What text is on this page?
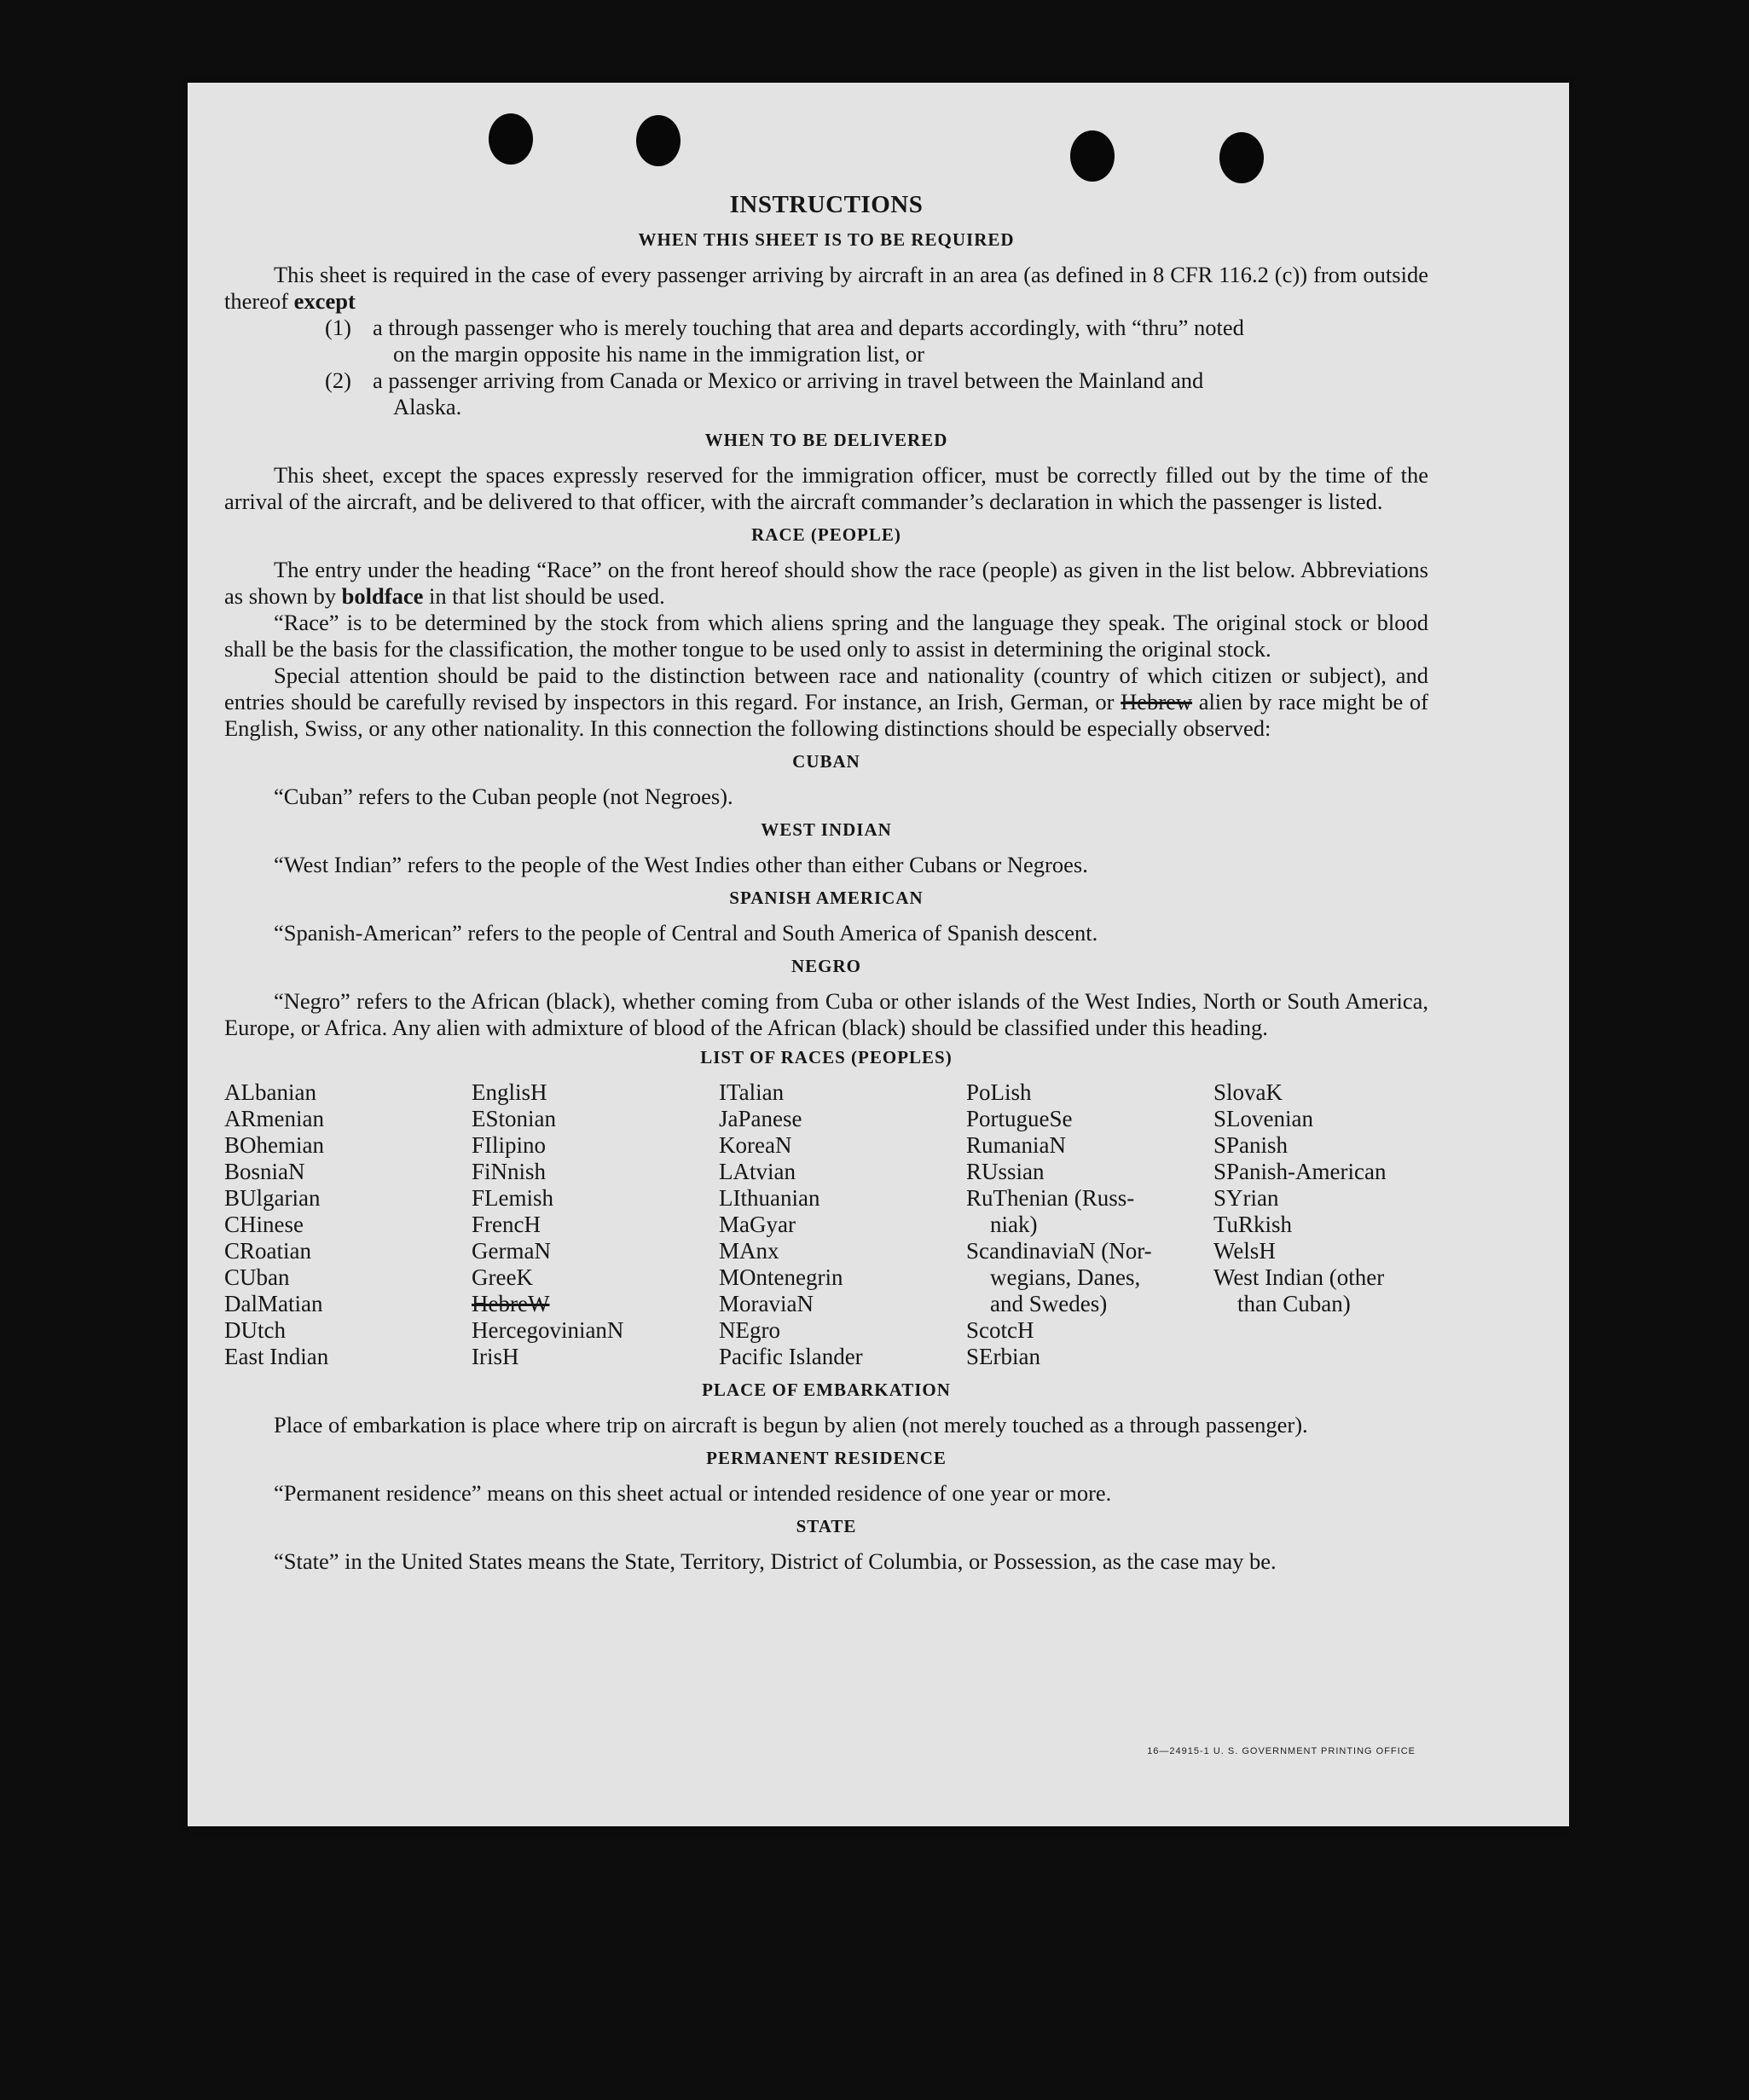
INSTRUCTIONS
WHEN THIS SHEET IS TO BE REQUIRED

This sheet is required in the case of every passenger arriving by aircraft in an area (as defined in 8 CFR 116.2 (c)) from outside thereof except

(1) a through passenger who is merely touching that area and departs accordingly, with “thru” noted
on the margin opposite his name in the immigration list, or
(2) a passenger arriving from Canada or Mexico or arriving in travel between the Mainland and
Alaska.
WHEN TO BE DELIVERED

This sheet, except the spaces expressly reserved for the immigration officer, must be correctly filled out by the time of the arrival of the aircraft, and be delivered to that officer, with the aircraft commander’s declaration in which the passenger is listed.

RACE (PEOPLE)

The entry under the heading “Race” on the front hereof should show the race (people) as given in the list below. Abbreviations as shown by boldface in that list should be used.

“Race” is to be determined by the stock from which aliens spring and the language they speak. The original stock or blood shall be the basis for the classification, the mother tongue to be used only to assist in determining the original stock.

Special attention should be paid to the distinction between race and nationality (country of which citizen or subject), and entries should be carefully revised by inspectors in this regard. For instance, an Irish, German, or Hebrew alien by race might be of English, Swiss, or any other nationality. In this connection the following distinctions should be especially observed:

CUBAN

“Cuban” refers to the Cuban people (not Negroes).

WEST INDIAN

“West Indian” refers to the people of the West Indies other than either Cubans or Negroes.

SPANISH AMERICAN

“Spanish-American” refers to the people of Central and South America of Spanish descent.

NEGRO

“Negro” refers to the African (black), whether coming from Cuba or other islands of the West Indies, North or South America, Europe, or Africa. Any alien with admixture of blood of the African (black) should be classified under this heading.

LIST OF RACES (PEOPLES)
ALbanian
ARmenian
BOhemian
BosniaN
BUlgarian
CHinese
CRoatian
CUban
DalMatian
DUtch
East Indian
EnglisH
EStonian
FIlipino
FiNnish
FLemish
FrencH
GermaN
GreeK
HebreW
HercegovinianN
IrisH
ITalian
JaPanese
KoreaN
LAtvian
LIthuanian
MaGyar
MAnx
MOntenegrin
MoraviaN
NEgro
Pacific Islander
PoLish
PortugueSe
RumaniaN
RUssian
RuThenian (Russ-
niak)
ScandinaviaN (Nor-
wegians, Danes,
and Swedes)
ScotcH
SErbian
SlovaK
SLovenian
SPanish
SPanish-American
SYrian
TuRkish
WelsH
West Indian (other
than Cuban)
PLACE OF EMBARKATION

Place of embarkation is place where trip on aircraft is begun by alien (not merely touched as a through passenger).

PERMANENT RESIDENCE

“Permanent residence” means on this sheet actual or intended residence of one year or more.

STATE

“State” in the United States means the State, Territory, District of Columbia, or Possession, as the case may be.

16—24915-1 U. S. GOVERNMENT PRINTING OFFICE
